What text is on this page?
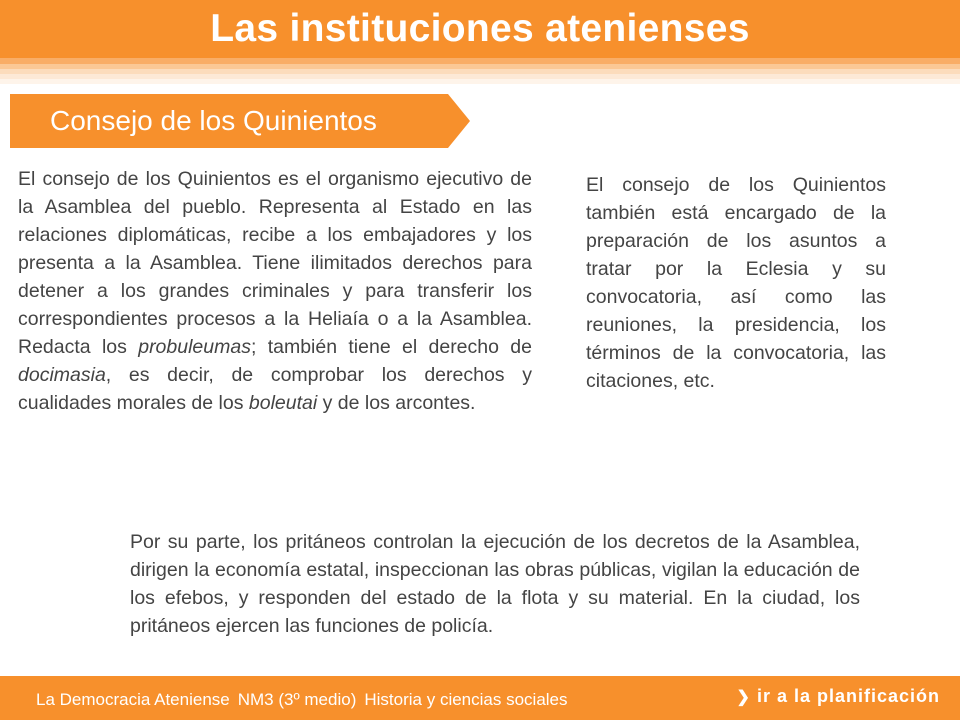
Las instituciones atenienses
Consejo de los Quinientos

El consejo de los Quinientos es el organismo ejecutivo de la Asamblea del pueblo. Representa al Estado en las relaciones diplomáticas, recibe a los embajadores y los presenta a la Asamblea. Tiene ilimitados derechos para detener a los grandes criminales y para transferir los correspondientes procesos a la Heliaía o a la Asamblea. Redacta los probuleumas; también tiene el derecho de docimasia, es decir, de comprobar los derechos y cualidades morales de los boleutai y de los arcontes.

El consejo de los Quinientos también está encargado de la preparación de los asuntos a tratar por la Eclesia y su convocatoria, así como las reuniones, la presidencia, los términos de la convocatoria, las citaciones, etc.

Por su parte, los pritáneos controlan la ejecución de los decretos de la Asamblea, dirigen la economía estatal, inspeccionan las obras públicas, vigilan la educación de los efebos, y responden del estado de la flota y su material. En la ciudad, los pritáneos ejercen las funciones de policía.

La Democracia Ateniense NM3 (3º medio) Historia y ciencias sociales	❯ ir a la planificación
